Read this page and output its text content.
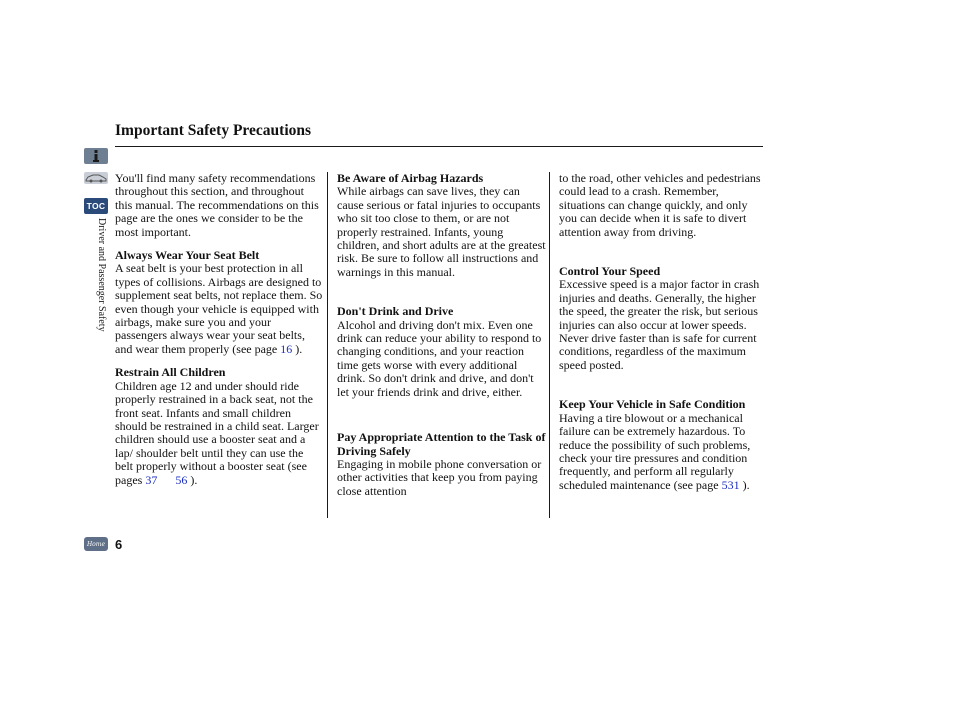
Important Safety Precautions
TOC
Driver and Passenger Safety

You'll find many safety recommendations throughout this section, and throughout this manual. The recommendations on this page are the ones we consider to be the most important.

Always Wear Your Seat Belt

A seat belt is your best protection in all types of collisions. Airbags are designed to supplement seat belts, not replace them. So even though your vehicle is equipped with airbags, make sure you and your passengers always wear your seat belts, and wear them properly (see page 16 ).

Restrain All Children

Children age 12 and under should ride properly restrained in a back seat, not the front seat. Infants and small children should be restrained in a child seat. Larger children should use a booster seat and a lap/ shoulder belt until they can use the belt properly without a booster seat (see pages 37 56 ).

Be Aware of Airbag Hazards

While airbags can save lives, they can cause serious or fatal injuries to occupants who sit too close to them, or are not properly restrained. Infants, young children, and short adults are at the greatest risk. Be sure to follow all instructions and warnings in this manual.

Don't Drink and Drive

Alcohol and driving don't mix. Even one drink can reduce your ability to respond to changing conditions, and your reaction time gets worse with every additional drink. So don't drink and drive, and don't let your friends drink and drive, either.

Pay Appropriate Attention to the Task of Driving Safely

Engaging in mobile phone conversation or other activities that keep you from paying close attention

to the road, other vehicles and pedestrians could lead to a crash. Remember, situations can change quickly, and only you can decide when it is safe to divert attention away from driving.

Control Your Speed

Excessive speed is a major factor in crash injuries and deaths. Generally, the higher the speed, the greater the risk, but serious injuries can also occur at lower speeds. Never drive faster than is safe for current conditions, regardless of the maximum speed posted.

Keep Your Vehicle in Safe Condition

Having a tire blowout or a mechanical failure can be extremely hazardous. To reduce the possibility of such problems, check your tire pressures and condition frequently, and perform all regularly scheduled maintenance (see page 531 ).

Home 6
